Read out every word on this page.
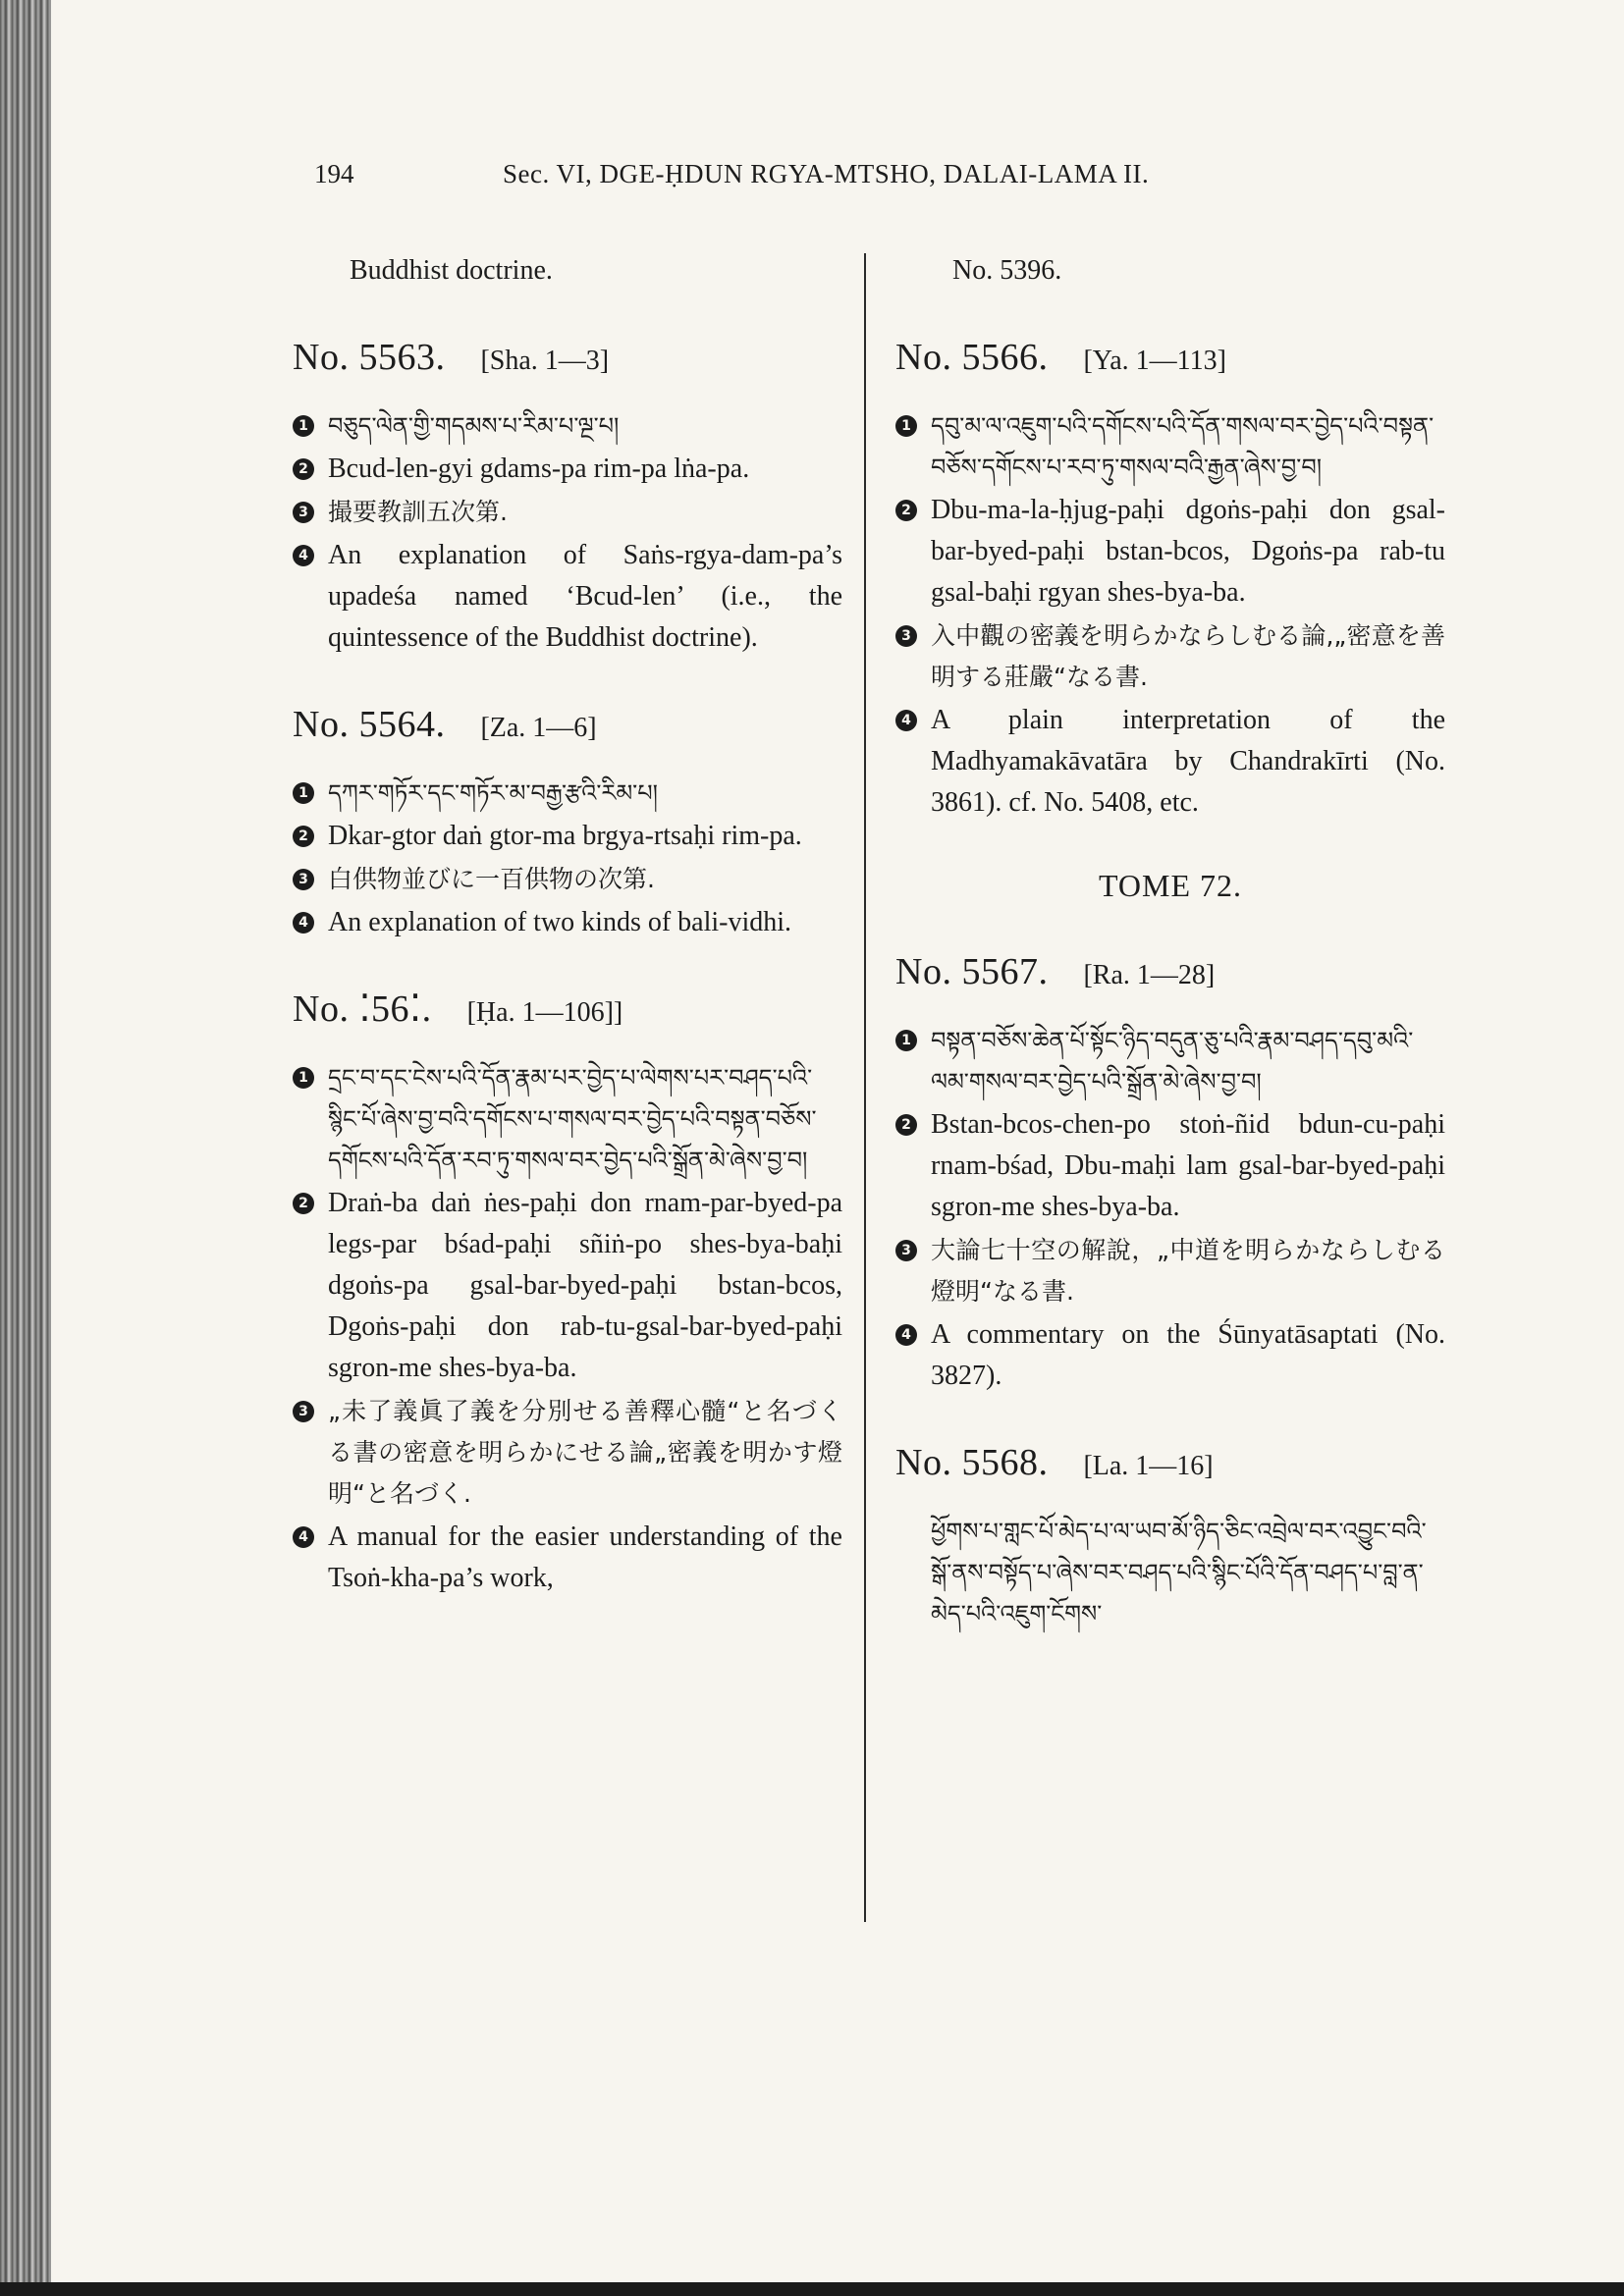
194	Sec. VI, DGE-ḤDUN RGYA-MTSHO, DALAI-LAMA II.
Buddhist doctrine.
No. 5563. [Sha. 1—3]
1 བཅུད་ལེན་གྱི་གདམས་པ་རིམ་པ་ལྔ་པ།
2 Bcud-len-gyi gdams-pa rim-pa lṅa-pa.
3 撮要教訓五次第.
4 An explanation of Saṅs-rgya-dam-pa’s upadeśa named ‘Bcud-len’ (i.e., the quintessence of the Buddhist doctrine).
No. 5564. [Za. 1—6]
1 དཀར་གཏོར་དང་གཏོར་མ་བརྒྱ་རྩའི་རིམ་པ།
2 Dkar-gtor daṅ gtor-ma brgya-rtsaḥi rim-pa.
3 白供物並びに一百供物の次第.
4 An explanation of two kinds of bali-vidhi.
No. ⁚56⁚. [Ḥa. 1—106]]
1 དྲང་བ་དང་ངེས་པའི་དོན་རྣམ་པར་བྱེད་པ་ལེགས་པར་བཤད་པའི་སྙིང་པོ་ཞེས་བྱ་བའི་དགོངས་པ་གསལ་བར་བྱེད་པའི་བསྟན་བཅོས་དགོངས་པའི་དོན་རབ་ཏུ་གསལ་བར་བྱེད་པའི་སྒྲོན་མེ་ཞེས་བྱ་བ།
2 Draṅ-ba daṅ ṅes-paḥi don rnam-par-byed-pa legs-par bśad-paḥi sñiṅ-po shes-bya-baḥi dgoṅs-pa gsal-bar-byed-paḥi bstan-bcos, Dgoṅs-paḥi don rab-tu-gsal-bar-byed-paḥi sgron-me shes-bya-ba.
3 „未了義眞了義を分別せる善釋心髓“と名づくる書の密意を明らかにせる論„密義を明かす燈明“と名づく.
4 A manual for the easier understanding of the Tsoṅ-kha-pa’s work,
No. 5396.
No. 5566. [Ya. 1—113]
1 དབུ་མ་ལ་འཇུག་པའི་དགོངས་པའི་དོན་གསལ་བར་བྱེད་པའི་བསྟན་བཅོས་དགོངས་པ་རབ་ཏུ་གསལ་བའི་རྒྱན་ཞེས་བྱ་བ།
2 Dbu-ma-la-ḥjug-paḥi dgoṅs-paḥi don gsal-bar-byed-paḥi bstan-bcos, Dgoṅs-pa rab-tu gsal-baḥi rgyan shes-bya-ba.
3 入中觀の密義を明らかならしむる論,„密意を善明する莊嚴“なる書.
4 A plain interpretation of the Madhyamakāvatāra by Chandrakīrti (No. 3861). cf. No. 5408, etc.
TOME 72.
No. 5567. [Ra. 1—28]
1 བསྟན་བཅོས་ཆེན་པོ་སྟོང་ཉིད་བདུན་ཅུ་པའི་རྣམ་བཤད་དབུ་མའི་ལམ་གསལ་བར་བྱེད་པའི་སྒྲོན་མེ་ཞེས་བྱ་བ།
2 Bstan-bcos-chen-po stoṅ-ñid bdun-cu-paḥi rnam-bśad, Dbu-maḥi lam gsal-bar-byed-paḥi sgron-me shes-bya-ba.
3 大論七十空の解說，„中道を明らかならしむる燈明“なる書.
4 A commentary on the Śūnyatāsaptati (No. 3827).
No. 5568. [La. 1—16]
ཕྱོགས་པ་གླང་པོ་མེད་པ་ལ་ཡབ་མོ་ཉིད་ཅིང་འབྲེལ་བར་འབྱུང་བའི་སྒོ་ནས་བསྟོད་པ་ཞེས་བར་བཤད་པའི་སྙིང་པོའི་དོན་བཤད་པ་བླ་ན་མེད་པའི་འཇུག་ངོགས་
